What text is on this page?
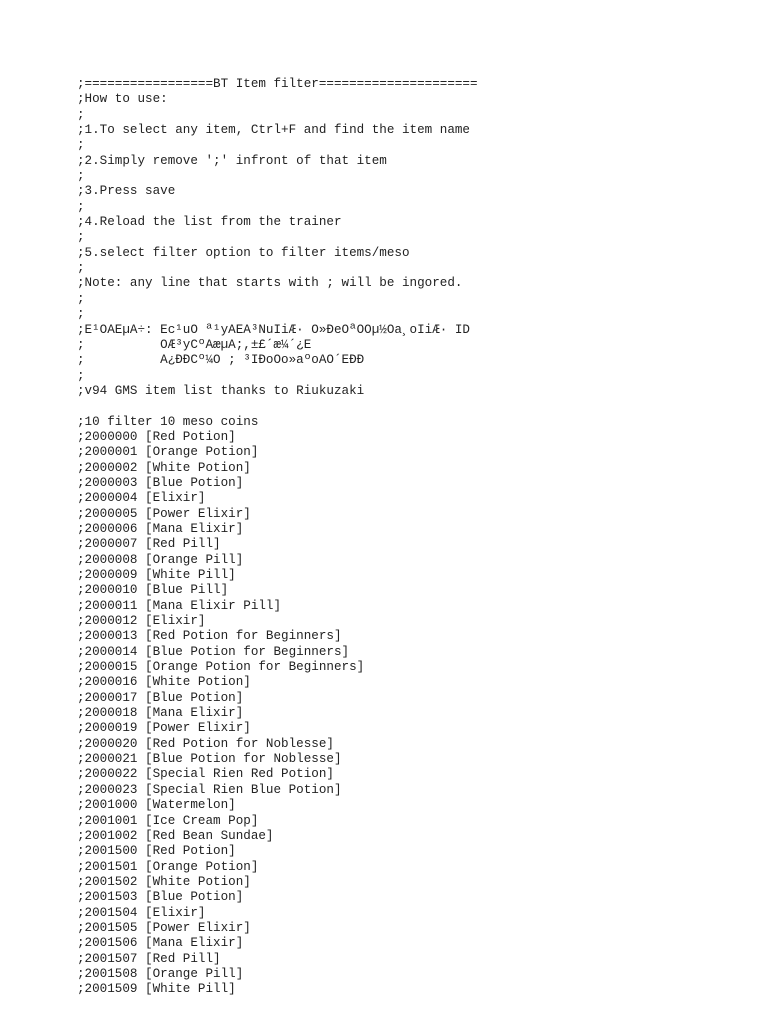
;=================BT Item filter=====================
;How to use:
;
;1.To select any item, Ctrl+F and find the item name
;
;2.Simply remove ';' infront of that item
;
;3.Press save
;
;4.Reload the list from the trainer
;
;5.select filter option to filter items/meso
;
;Note: any line that starts with ; will be ingored.
;
;
;E¹OAEµA÷: Ec¹uO ª¹yAEA³NuIiÆ· O»ÐeOªOOµ½Oa¸oIiÆ· ID
;          OÆ³yCºAæµA;,±£´æ¼´¿E
;          A¿ÐÐCº¼O ; ³IÐoOo»aºoAO´EÐÐ
;
;v94 GMS item list thanks to Riukuzaki
;10 filter 10 meso coins
;2000000 [Red Potion]
;2000001 [Orange Potion]
;2000002 [White Potion]
;2000003 [Blue Potion]
;2000004 [Elixir]
;2000005 [Power Elixir]
;2000006 [Mana Elixir]
;2000007 [Red Pill]
;2000008 [Orange Pill]
;2000009 [White Pill]
;2000010 [Blue Pill]
;2000011 [Mana Elixir Pill]
;2000012 [Elixir]
;2000013 [Red Potion for Beginners]
;2000014 [Blue Potion for Beginners]
;2000015 [Orange Potion for Beginners]
;2000016 [White Potion]
;2000017 [Blue Potion]
;2000018 [Mana Elixir]
;2000019 [Power Elixir]
;2000020 [Red Potion for Noblesse]
;2000021 [Blue Potion for Noblesse]
;2000022 [Special Rien Red Potion]
;2000023 [Special Rien Blue Potion]
;2001000 [Watermelon]
;2001001 [Ice Cream Pop]
;2001002 [Red Bean Sundae]
;2001500 [Red Potion]
;2001501 [Orange Potion]
;2001502 [White Potion]
;2001503 [Blue Potion]
;2001504 [Elixir]
;2001505 [Power Elixir]
;2001506 [Mana Elixir]
;2001507 [Red Pill]
;2001508 [Orange Pill]
;2001509 [White Pill]
